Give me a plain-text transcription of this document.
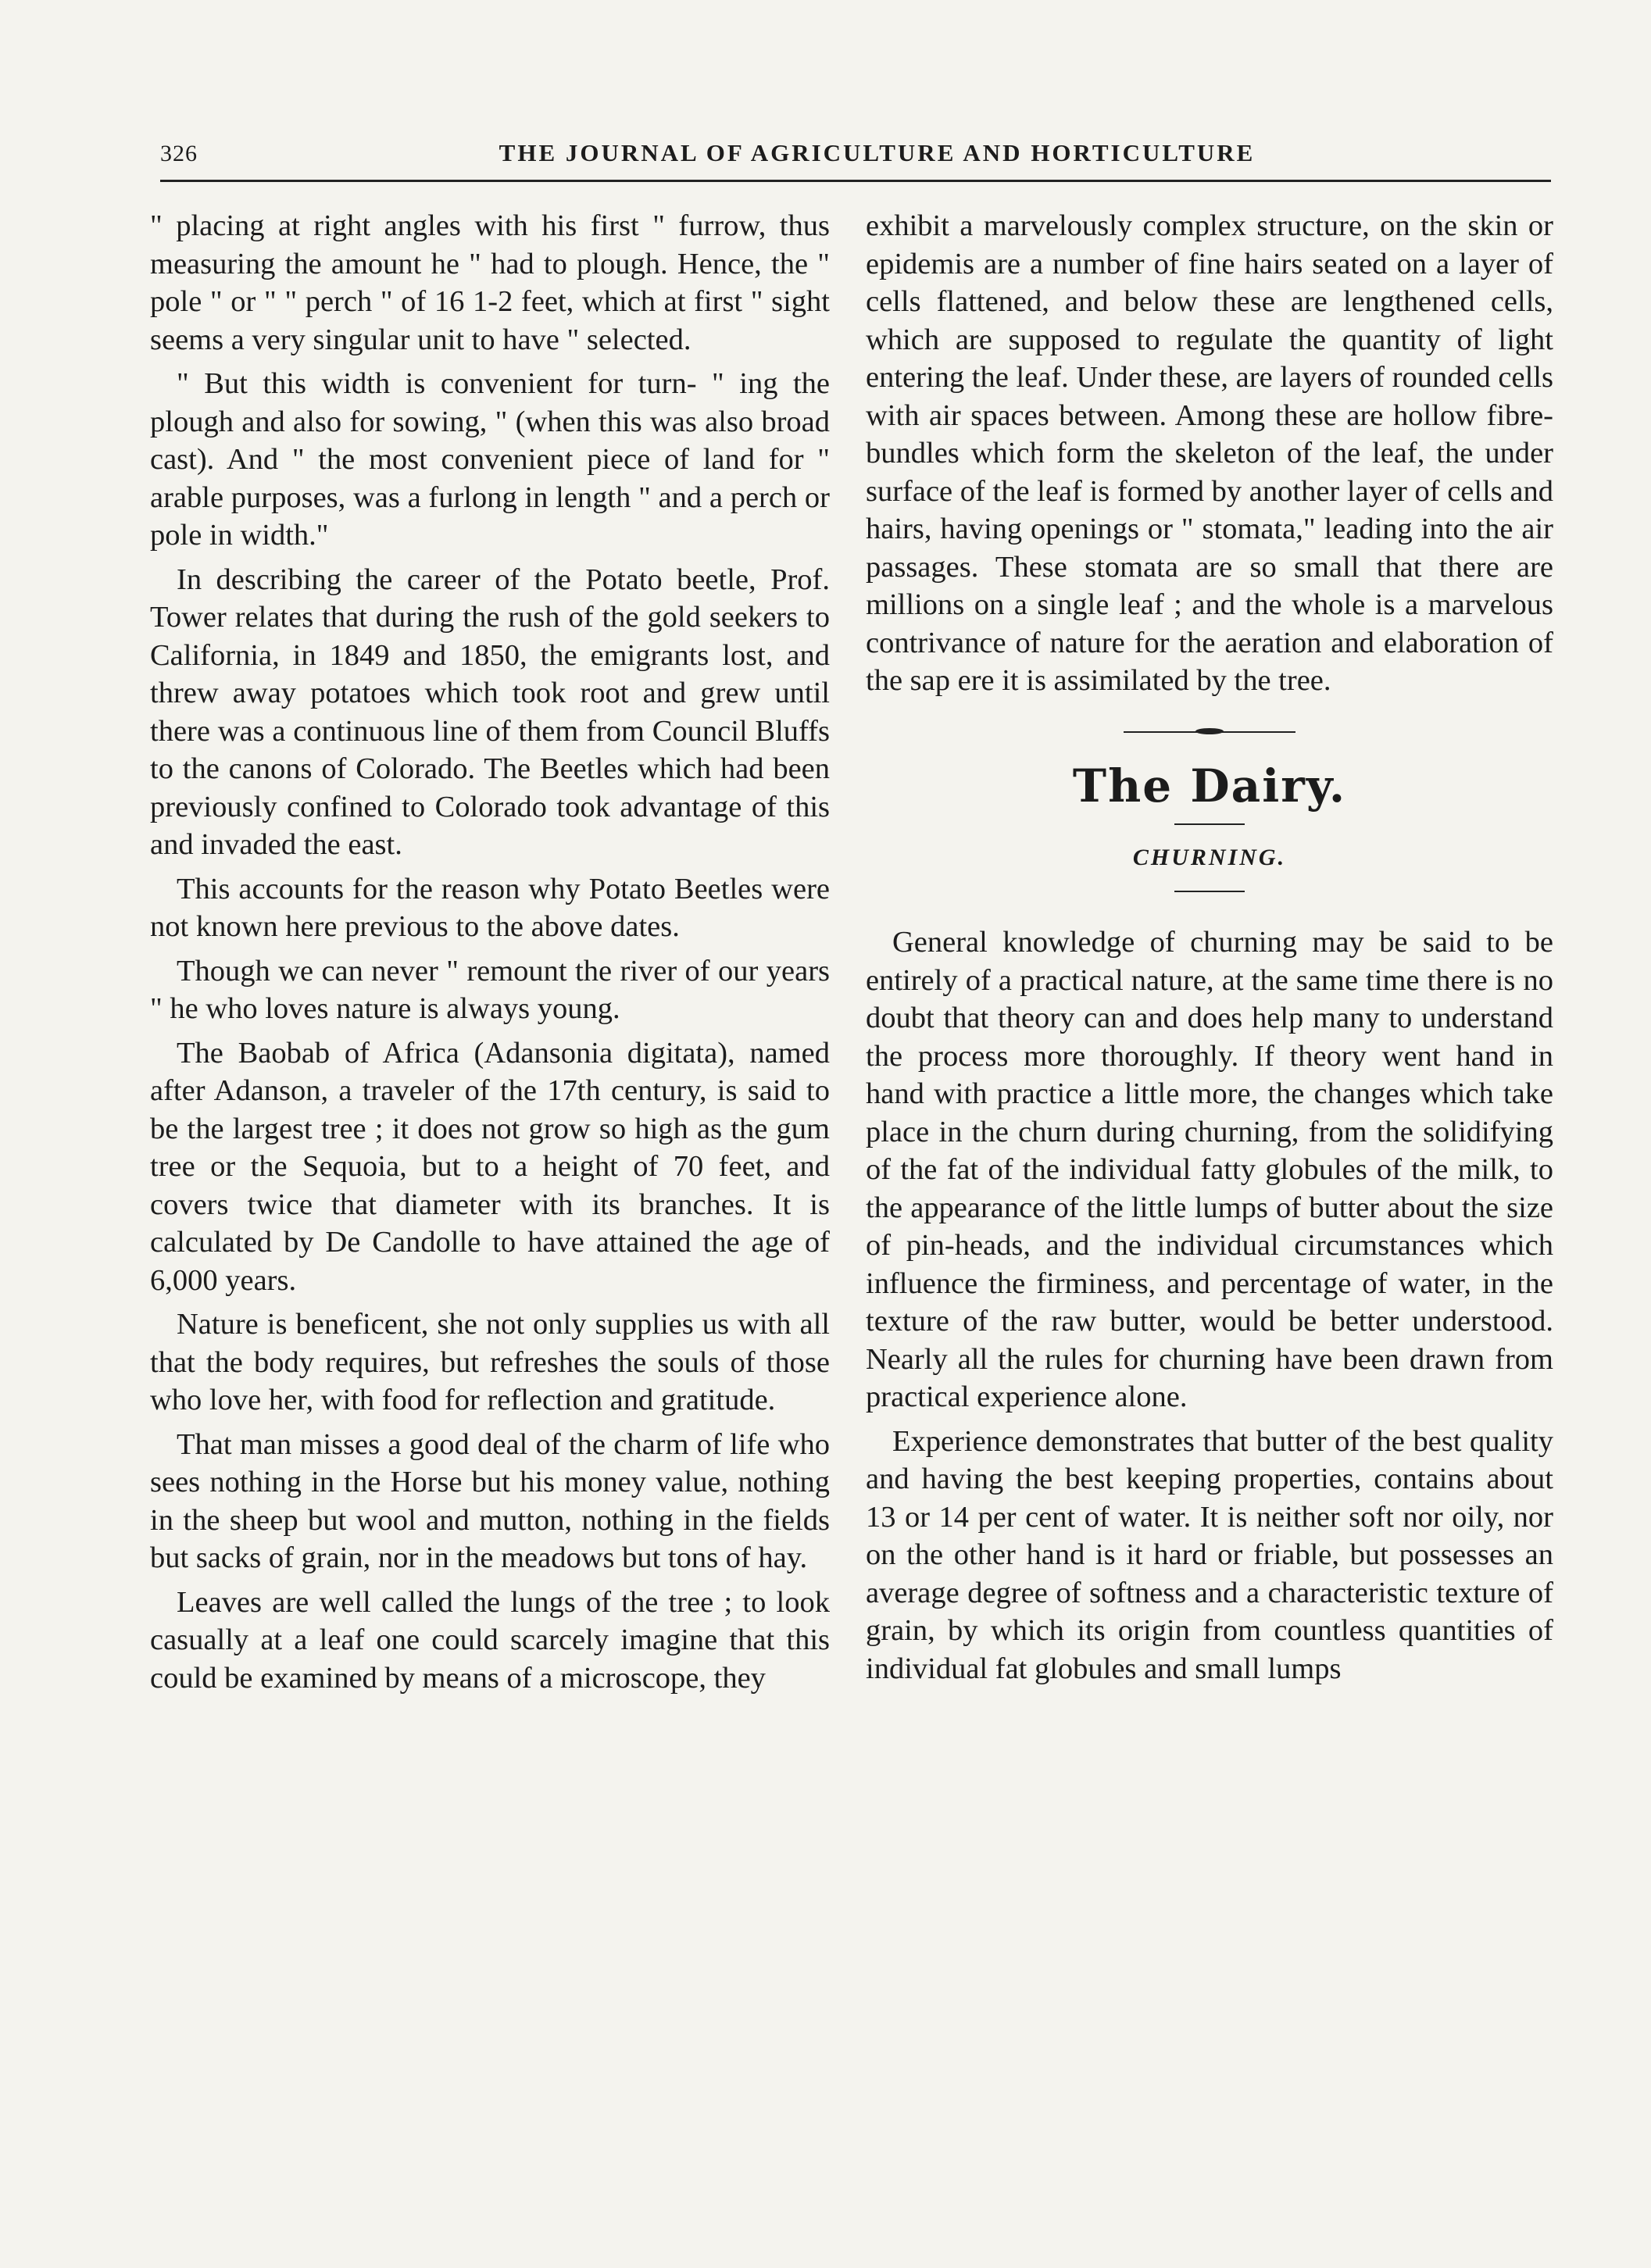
326	THE JOURNAL OF AGRICULTURE AND HORTICULTURE

" placing at right angles with his first " furrow, thus measuring the amount he " had to plough. Hence, the " pole " or " " perch " of 16 1-2 feet, which at first " sight seems a very singular unit to have " selected.

" But this width is convenient for turn- " ing the plough and also for sowing, " (when this was also broad cast). And " the most convenient piece of land for " arable purposes, was a furlong in length " and a perch or pole in width."

In describing the career of the Potato beetle, Prof. Tower relates that during the rush of the gold seekers to California, in 1849 and 1850, the emigrants lost, and threw away potatoes which took root and grew until there was a continuous line of them from Council Bluffs to the canons of Colorado. The Beetles which had been previously confined to Colorado took advantage of this and invaded the east.

This accounts for the reason why Potato Beetles were not known here previous to the above dates.

Though we can never " remount the river of our years " he who loves nature is always young.

The Baobab of Africa (Adansonia digitata), named after Adanson, a traveler of the 17th century, is said to be the largest tree ; it does not grow so high as the gum tree or the Sequoia, but to a height of 70 feet, and covers twice that diameter with its branches. It is calculated by De Candolle to have attained the age of 6,000 years.

Nature is beneficent, she not only supplies us with all that the body requires, but refreshes the souls of those who love her, with food for reflection and gratitude.

That man misses a good deal of the charm of life who sees nothing in the Horse but his money value, nothing in the sheep but wool and mutton, nothing in the fields but sacks of grain, nor in the meadows but tons of hay.

Leaves are well called the lungs of the tree ; to look casually at a leaf one could scarcely imagine that this could be examined by means of a microscope, they

exhibit a marvelously complex structure, on the skin or epidemis are a number of fine hairs seated on a layer of cells flattened, and below these are lengthened cells, which are supposed to regulate the quantity of light entering the leaf. Under these, are layers of rounded cells with air spaces between. Among these are hollow fibre-bundles which form the skeleton of the leaf, the under surface of the leaf is formed by another layer of cells and hairs, having openings or " stomata," leading into the air passages. These stomata are so small that there are millions on a single leaf ; and the whole is a marvelous contrivance of nature for the aeration and elaboration of the sap ere it is assimilated by the tree.

The Dairy.
CHURNING.

General knowledge of churning may be said to be entirely of a practical nature, at the same time there is no doubt that theory can and does help many to understand the process more thoroughly. If theory went hand in hand with practice a little more, the changes which take place in the churn during churning, from the solidifying of the fat of the individual fatty globules of the milk, to the appearance of the little lumps of butter about the size of pin-heads, and the individual circumstances which influence the firminess, and percentage of water, in the texture of the raw butter, would be better understood. Nearly all the rules for churning have been drawn from practical experience alone.

Experience demonstrates that butter of the best quality and having the best keeping properties, contains about 13 or 14 per cent of water. It is neither soft nor oily, nor on the other hand is it hard or friable, but possesses an average degree of softness and a characteristic texture of grain, by which its origin from countless quantities of individual fat globules and small lumps
